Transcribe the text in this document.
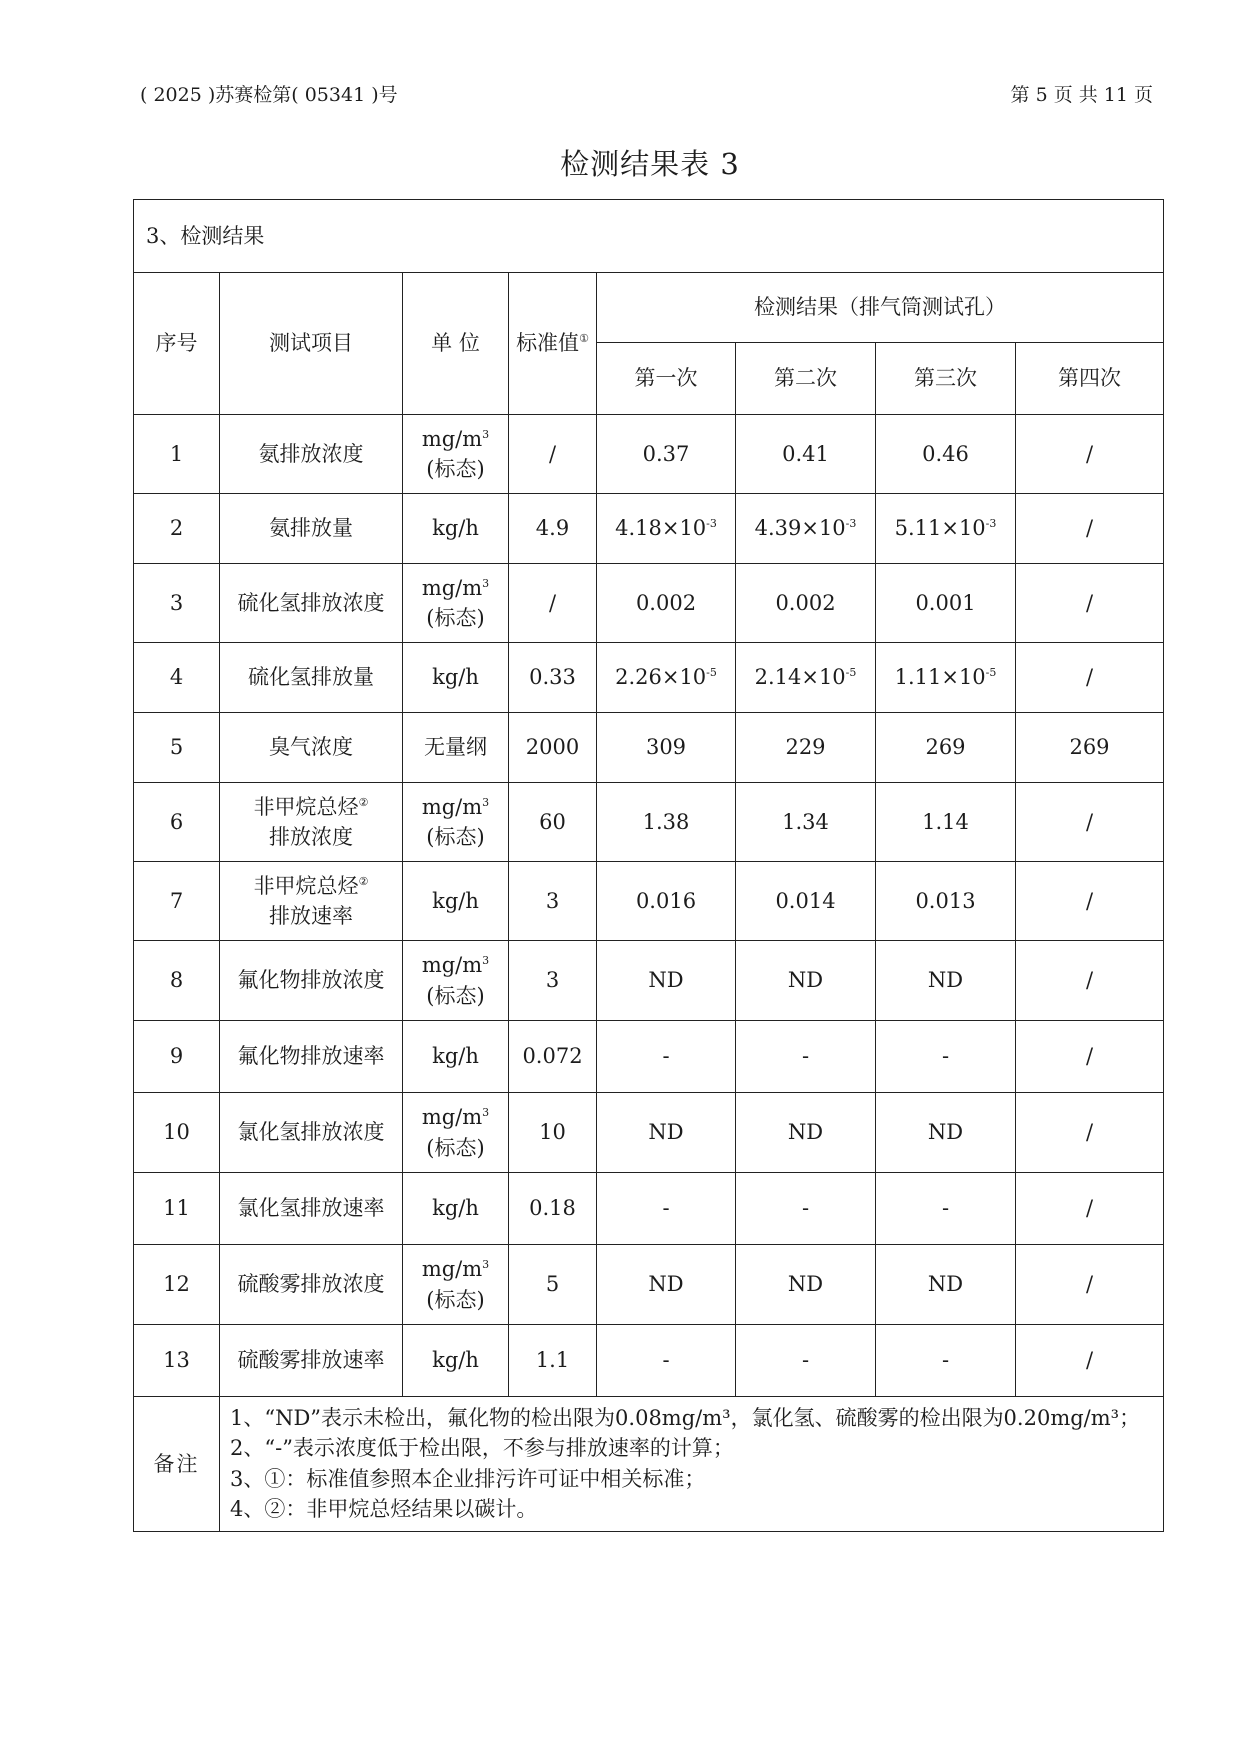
( 2025 )苏赛检第( 05341 )号	第 5 页 共 11 页
检测结果表 3
3、检测结果							
序号	测试项目	单 位	标准值①	检测结果（排气筒测试孔）			
				第一次	第二次	第三次	第四次
1	氨排放浓度	$mg/m^3$
(标态)	/	0.37	0.41	0.46	/
2	氨排放量	kg/h	4.9	$4.18\times 10^{-3}$	$4.39\times 10^{-3}$	$5.11\times 10^{-3}$	/
3	硫化氢排放浓度	$mg/m^3$
(标态)	/	0.002	0.002	0.001	/
4	硫化氢排放量	kg/h	0.33	$2.26\times 10^{-5}$	$2.14\times 10^{-5}$	$1.11\times 10^{-5}$	/
5	臭气浓度	无量纲	2000	309	229	269	269
6	非甲烷总烃②
排放浓度	$mg/m^3$
(标态)	60	1.38	1.34	1.14	/
7	非甲烷总烃②
排放速率	kg/h	3	0.016	0.014	0.013	/
8	氟化物排放浓度	$mg/m^3$
(标态)	3	ND	ND	ND	/
9	氟化物排放速率	kg/h	0.072	-	-	-	/
10	氯化氢排放浓度	$mg/m^3$
(标态)	10	ND	ND	ND	/
11	氯化氢排放速率	kg/h	0.18	-	-	-	/
12	硫酸雾排放浓度	$mg/m^3$
(标态)	5	ND	ND	ND	/
13	硫酸雾排放速率	kg/h	1.1	-	-	-	/
备注	1、“ND”表示未检出，氟化物的检出限为0.08mg/m³，氯化氢、硫酸雾的检出限为0.20mg/m³；
2、“-”表示浓度低于检出限，不参与排放速率的计算；
3、①：标准值参照本企业排污许可证中相关标准；
4、②：非甲烷总烃结果以碳计。						
